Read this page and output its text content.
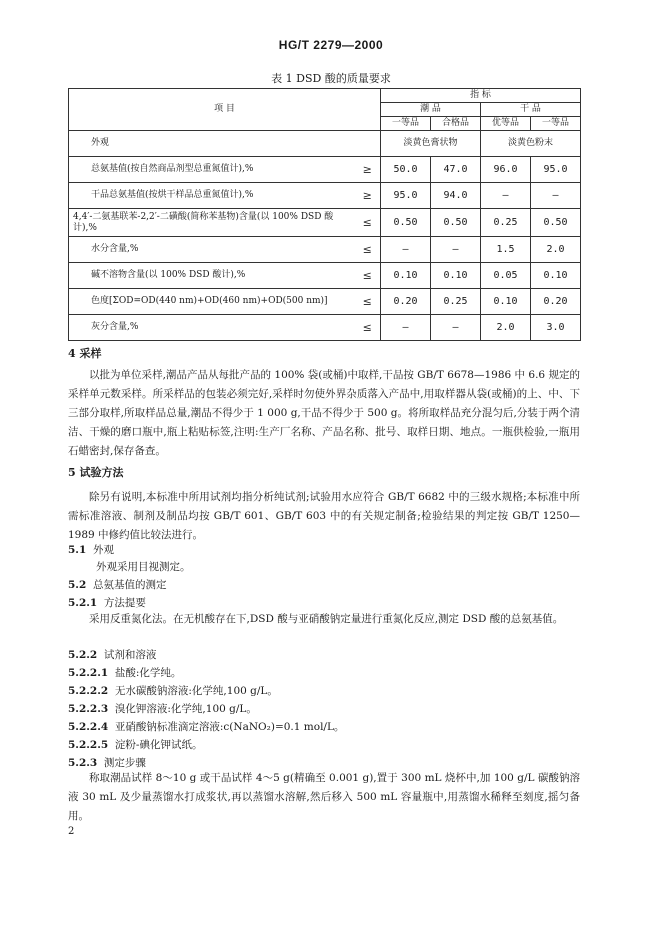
HG/T 2279—2000
表 1 DSD 酸的质量要求
项 目		指 标			
		潮 品		干 品	
		一等品	合格品	优等品	一等品
外观		淡黄色膏状物		淡黄色粉末	
总氨基值(按自然商品剂型总重氮值计),%	≥	50.0	47.0	96.0	95.0
干品总氨基值(按烘干样品总重氮值计),%	≥	95.0	94.0	—	—
4,4′-二氨基联苯-2,2′-二磺酸(简称苯基物)含量(以 100% DSD 酸计),%	≤	0.50	0.50	0.25	0.50
水分含量,%	≤	—	—	1.5	2.0
碱不溶物含量(以 100% DSD 酸计),%	≤	0.10	0.10	0.05	0.10
色度[ΣOD=OD(440 nm)+OD(460 nm)+OD(500 nm)]	≤	0.20	0.25	0.10	0.20
灰分含量,%	≤	—	—	2.0	3.0
4 采样
以批为单位采样,潮品产品从每批产品的 100% 袋(或桶)中取样,干品按 GB/T 6678—1986 中 6.6 规定的采样单元数采样。所采样品的包装必须完好,采样时勿使外界杂质落入产品中,用取样器从袋(或桶)的上、中、下三部分取样,所取样品总量,潮品不得少于 1 000 g,干品不得少于 500 g。将所取样品充分混匀后,分装于两个清洁、干燥的磨口瓶中,瓶上粘贴标签,注明:生产厂名称、产品名称、批号、取样日期、地点。一瓶供检验,一瓶用石蜡密封,保存备查。
5 试验方法
除另有说明,本标准中所用试剂均指分析纯试剂;试验用水应符合 GB/T 6682 中的三级水规格;本标准中所需标准溶液、制剂及制品均按 GB/T 601、GB/T 603 中的有关规定制备;检验结果的判定按 GB/T 1250—1989 中修约值比较法进行。
5.1 外观
外观采用目视测定。
5.2 总氨基值的测定
5.2.1 方法提要
采用反重氮化法。在无机酸存在下,DSD 酸与亚硝酸钠定量进行重氮化反应,测定 DSD 酸的总氨基值。
5.2.2 试剂和溶液
5.2.2.1 盐酸:化学纯。
5.2.2.2 无水碳酸钠溶液:化学纯,100 g/L。
5.2.2.3 溴化钾溶液:化学纯,100 g/L。
5.2.2.4 亚硝酸钠标准滴定溶液:c(NaNO₂)=0.1 mol/L。
5.2.2.5 淀粉-碘化钾试纸。
5.2.3 测定步骤
称取潮品试样 8～10 g 或干品试样 4～5 g(精确至 0.001 g),置于 300 mL 烧杯中,加 100 g/L 碳酸钠溶液 30 mL 及少量蒸馏水打成浆状,再以蒸馏水溶解,然后移入 500 mL 容量瓶中,用蒸馏水稀释至刻度,摇匀备用。
2
